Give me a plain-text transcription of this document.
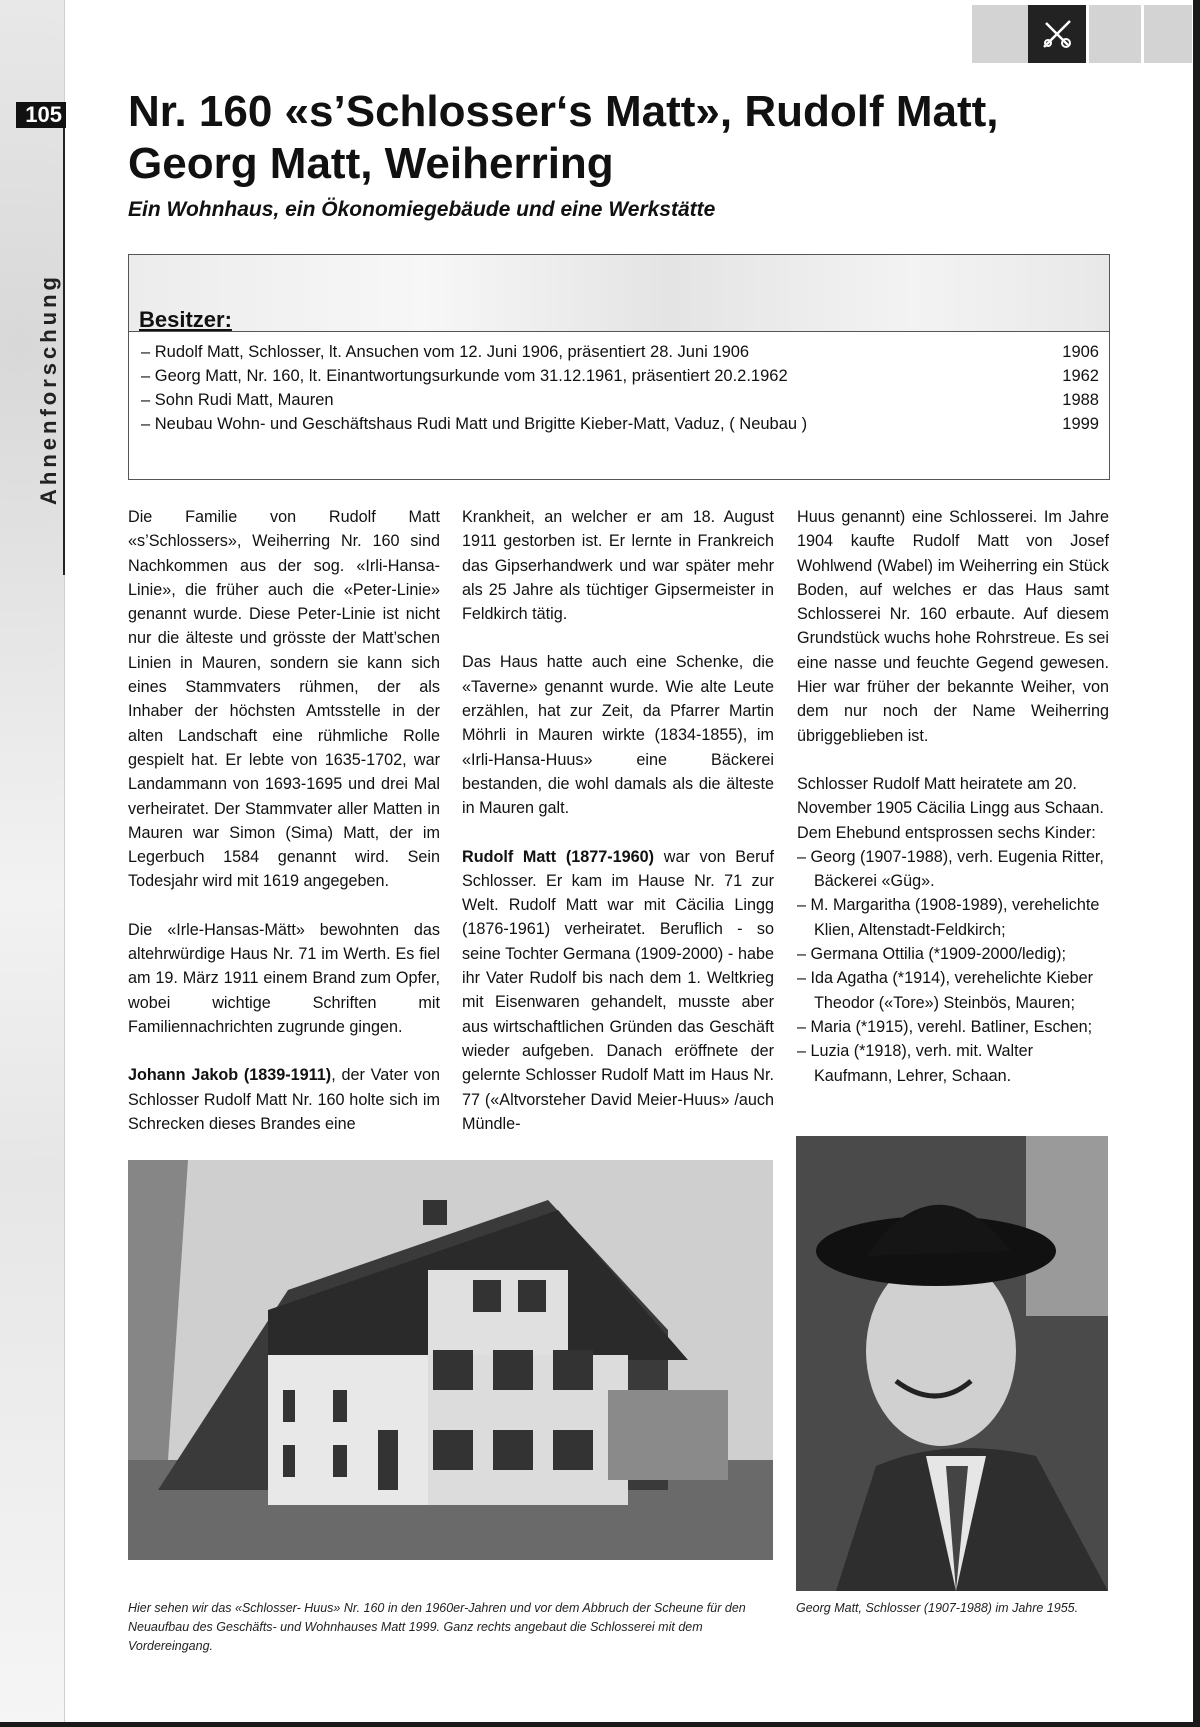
105
Ahnenforschung
Nr. 160 «s’Schlosser‘s Matt», Rudolf Matt, Georg Matt, Weiherring
Ein Wohnhaus, ein Ökonomiegebäude und eine Werkstätte
Besitzer:
– Rudolf Matt, Schlosser, lt. Ansuchen vom 12. Juni 1906, präsentiert 28. Juni 1906	1906
– Georg Matt, Nr. 160, lt. Einantwortungsurkunde vom 31.12.1961, präsentiert 20.2.1962	1962
– Sohn Rudi Matt, Mauren	1988
– Neubau Wohn- und Geschäftshaus Rudi Matt und Brigitte Kieber-Matt, Vaduz, ( Neubau )	1999

Die Familie von Rudolf Matt «s’Schlossers», Weiherring Nr. 160 sind Nachkommen aus der sog. «Irli-Hansa-Linie», die früher auch die «Peter-Linie» genannt wurde. Diese Peter-Linie ist nicht nur die älteste und grösste der Matt’schen Linien in Mauren, sondern sie kann sich eines Stammvaters rühmen, der als Inhaber der höchsten Amtsstelle in der alten Landschaft eine rühmliche Rolle gespielt hat. Er lebte von 1635-1702, war Landammann von 1693-1695 und drei Mal verheiratet. Der Stammvater aller Matten in Mauren war Simon (Sima) Matt, der im Legerbuch 1584 genannt wird. Sein Todesjahr wird mit 1619 angegeben.

Die «Irle-Hansas-Mätt» bewohnten das altehrwürdige Haus Nr. 71 im Werth. Es fiel am 19. März 1911 einem Brand zum Opfer, wobei wichtige Schriften mit Familiennachrichten zugrunde gingen.

Johann Jakob (1839-1911), der Vater von Schlosser Rudolf Matt Nr. 160 holte sich im Schrecken dieses Brandes eine

Krankheit, an welcher er am 18. August 1911 gestorben ist. Er lernte in Frankreich das Gipserhandwerk und war später mehr als 25 Jahre als tüchtiger Gipsermeister in Feldkirch tätig.

Das Haus hatte auch eine Schenke, die «Taverne» genannt wurde. Wie alte Leute erzählen, hat zur Zeit, da Pfarrer Martin Möhrli in Mauren wirkte (1834-1855), im «Irli-Hansa-Huus» eine Bäckerei bestanden, die wohl damals als die älteste in Mauren galt.

Rudolf Matt (1877-1960) war von Beruf Schlosser. Er kam im Hause Nr. 71 zur Welt. Rudolf Matt war mit Cäcilia Lingg (1876-1961) verheiratet. Beruflich - so seine Tochter Germana (1909-2000) - habe ihr Vater Rudolf bis nach dem 1. Weltkrieg mit Eisenwaren gehandelt, musste aber aus wirtschaftlichen Gründen das Geschäft wieder aufgeben. Danach eröffnete der gelernte Schlosser Rudolf Matt im Haus Nr. 77 («Altvorsteher David Meier-Huus» /auch Mündle-

Huus genannt) eine Schlosserei. Im Jahre 1904 kaufte Rudolf Matt von Josef Wohlwend (Wabel) im Weiherring ein Stück Boden, auf welches er das Haus samt Schlosserei Nr. 160 erbaute. Auf diesem Grundstück wuchs hohe Rohrstreue. Es sei eine nasse und feuchte Gegend gewesen. Hier war früher der bekannte Weiher, von dem nur noch der Name Weiherring übriggeblieben ist.

Schlosser Rudolf Matt heiratete am 20. November 1905 Cäcilia Lingg aus Schaan. Dem Ehebund entsprossen sechs Kinder:

– Georg (1907-1988), verh. Eugenia Ritter, Bäckerei «Güg».
– M. Margaritha (1908-1989), verehelichte Klien, Altenstadt-Feldkirch;
– Germana Ottilia (*1909-2000/ledig);
– Ida Agatha (*1914), verehelichte Kieber Theodor («Tore») Steinbös, Mauren;
– Maria (*1915), verehl. Batliner, Eschen;
– Luzia (*1918), verh. mit. Walter Kaufmann, Lehrer, Schaan.
Hier sehen wir das «Schlosser- Huus» Nr. 160 in den 1960er-Jahren und vor dem Abbruch der Scheune für den Neuaufbau des Geschäfts- und Wohnhauses Matt 1999. Ganz rechts angebaut die Schlosserei mit dem Vordereingang.
Georg Matt, Schlosser (1907-1988) im Jahre 1955.
